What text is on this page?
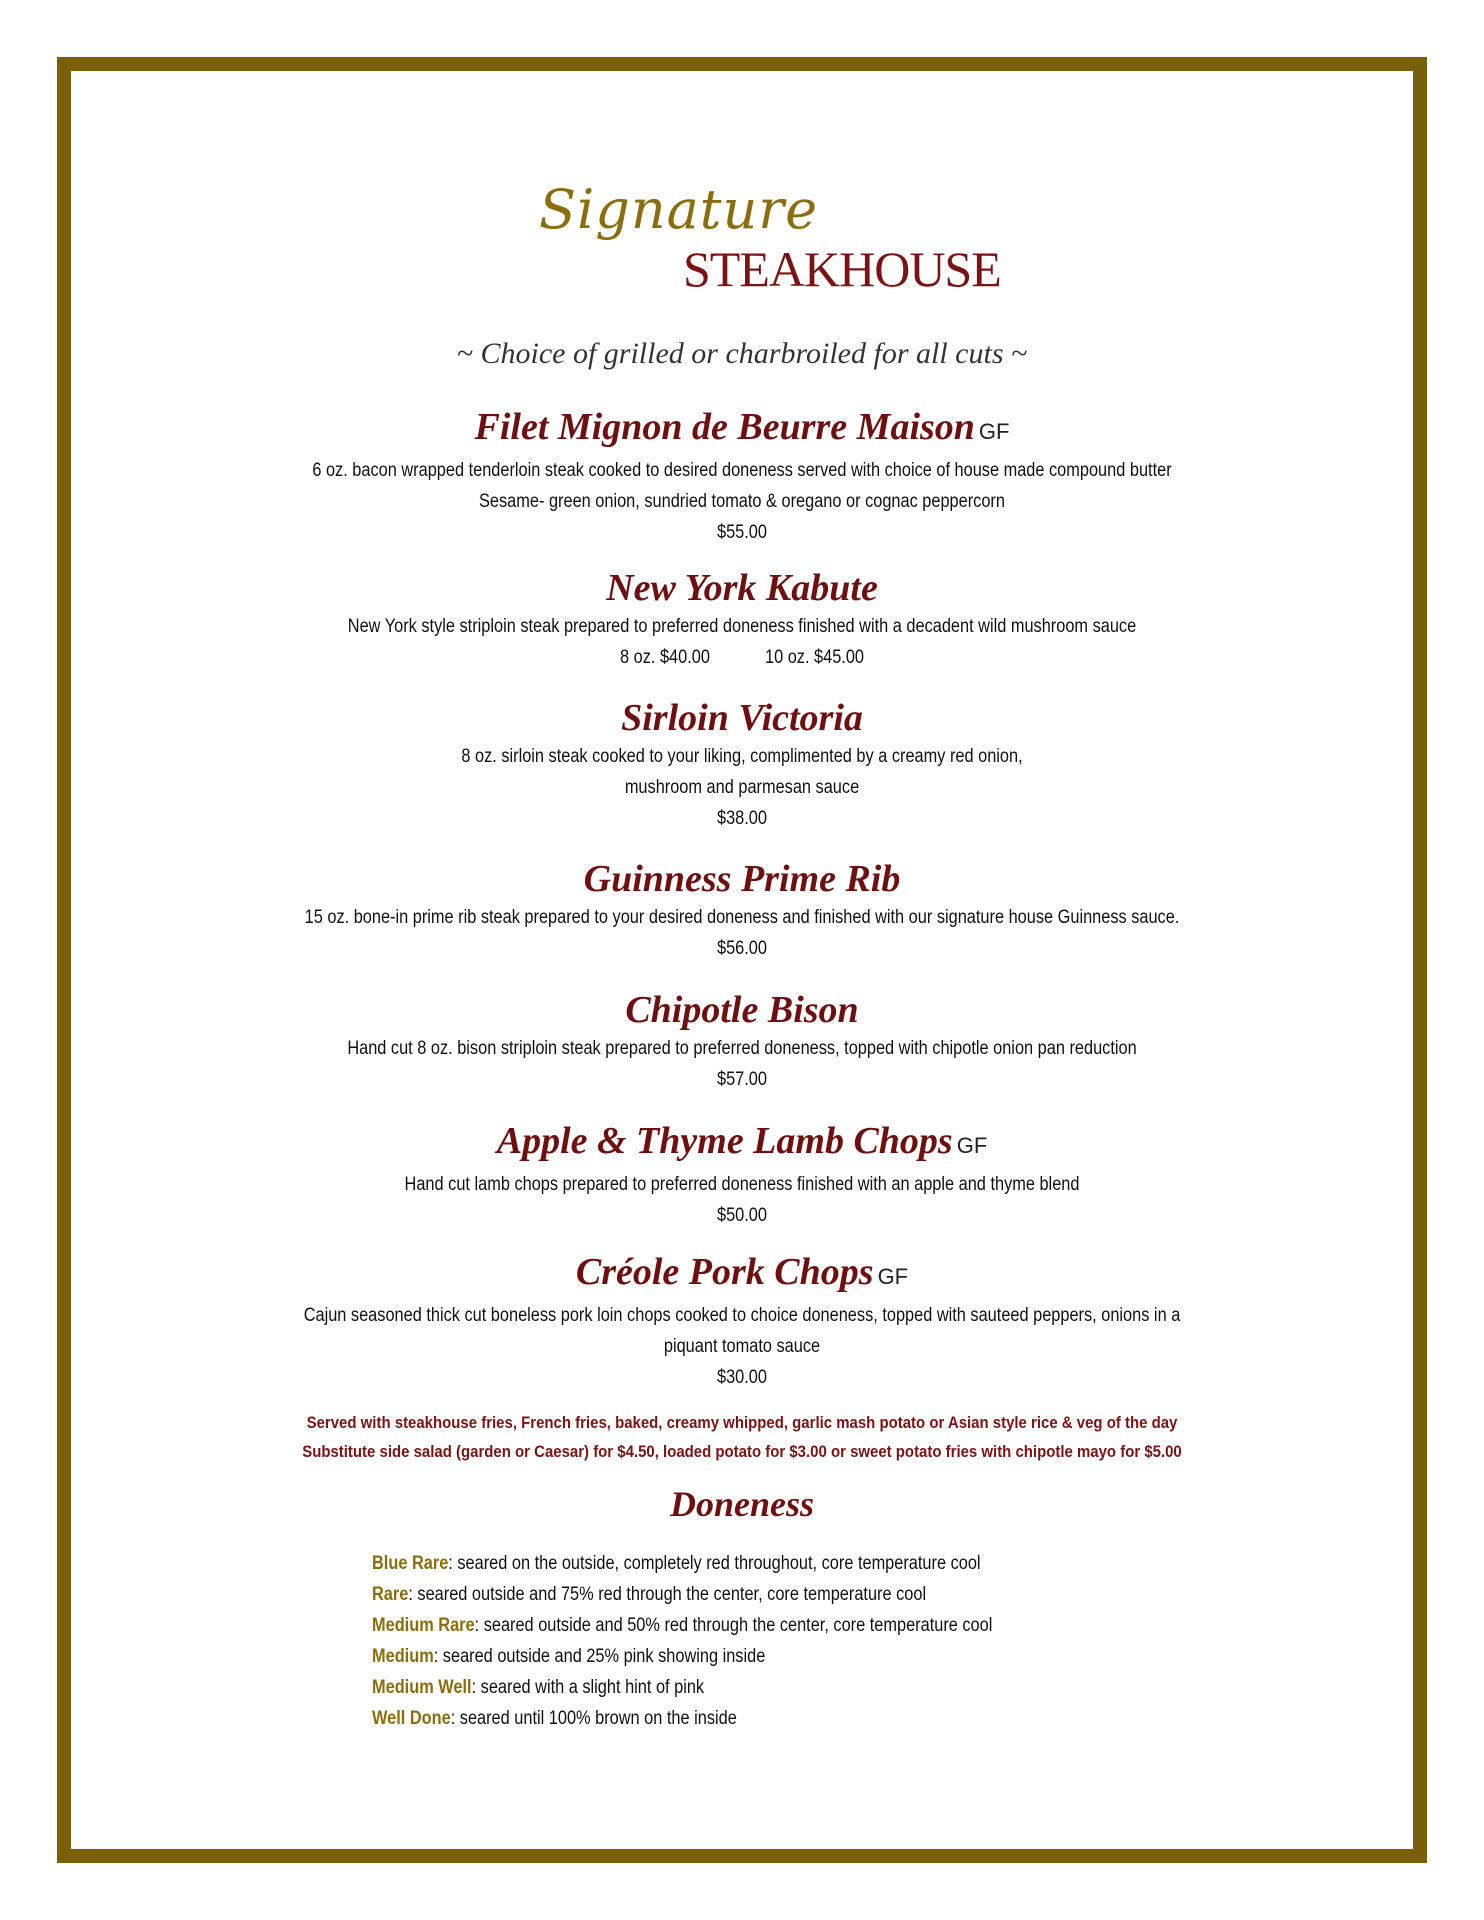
Signature
STEAKHOUSE
~ Choice of grilled or charbroiled for all cuts ~
Filet Mignon de Beurre Maison GF
6 oz. bacon wrapped tenderloin steak cooked to desired doneness served with choice of house made compound butter
Sesame- green onion, sundried tomato & oregano or cognac peppercorn
$55.00
New York Kabute
New York style striploin steak prepared to preferred doneness finished with a decadent wild mushroom sauce
8 oz. $40.00	10 oz. $45.00
Sirloin Victoria
8 oz. sirloin steak cooked to your liking, complimented by a creamy red onion,
mushroom and parmesan sauce
$38.00
Guinness Prime Rib
15 oz. bone-in prime rib steak prepared to your desired doneness and finished with our signature house Guinness sauce.
$56.00
Chipotle Bison
Hand cut 8 oz. bison striploin steak prepared to preferred doneness, topped with chipotle onion pan reduction
$57.00
Apple & Thyme Lamb Chops GF
Hand cut lamb chops prepared to preferred doneness finished with an apple and thyme blend
$50.00
Créole Pork Chops GF
Cajun seasoned thick cut boneless pork loin chops cooked to choice doneness, topped with sauteed peppers, onions in a
piquant tomato sauce
$30.00
Served with steakhouse fries, French fries, baked, creamy whipped, garlic mash potato or Asian style rice & veg of the day
Substitute side salad (garden or Caesar) for $4.50, loaded potato for $3.00 or sweet potato fries with chipotle mayo for $5.00
Doneness
Blue Rare: seared on the outside, completely red throughout, core temperature cool
Rare: seared outside and 75% red through the center, core temperature cool
Medium Rare: seared outside and 50% red through the center, core temperature cool
Medium: seared outside and 25% pink showing inside
Medium Well: seared with a slight hint of pink
Well Done: seared until 100% brown on the inside
